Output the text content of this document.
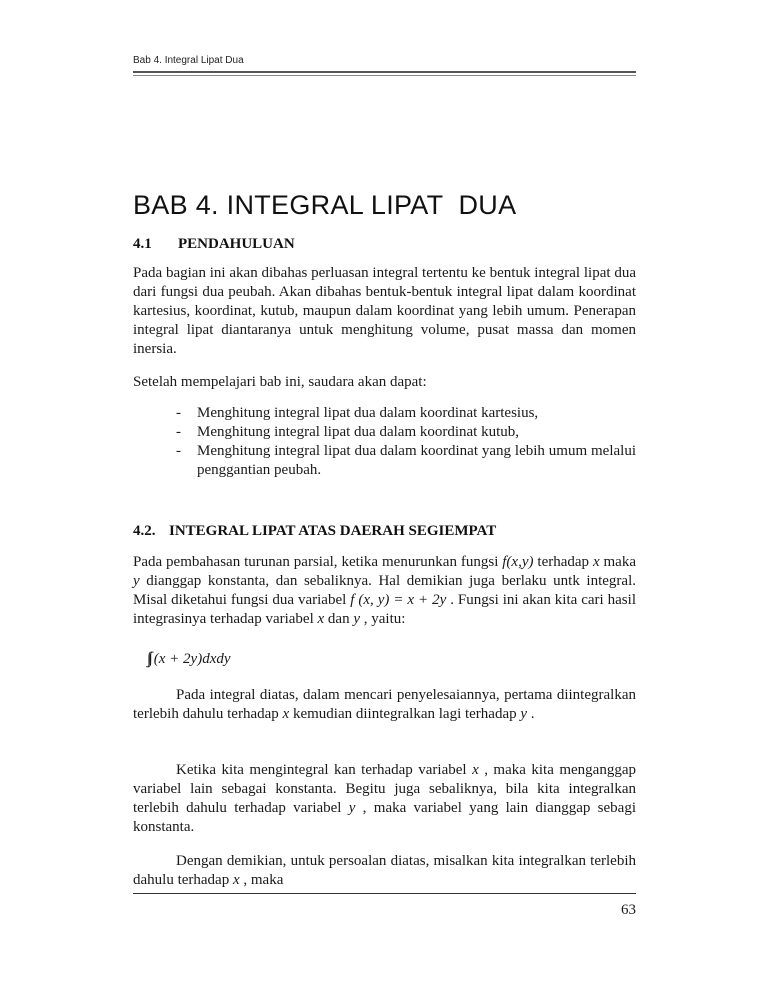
Bab 4. Integral Lipat Dua
BAB 4. INTEGRAL LIPAT  DUA
4.1 PENDAHULUAN

Pada bagian ini akan dibahas perluasan integral tertentu ke bentuk integral lipat dua dari fungsi dua peubah. Akan dibahas bentuk-bentuk integral lipat dalam koordinat kartesius, koordinat, kutub, maupun dalam koordinat yang lebih umum. Penerapan integral lipat diantaranya untuk menghitung volume, pusat massa dan momen inersia.

Setelah mempelajari bab ini, saudara akan dapat:

- Menghitung integral lipat dua dalam koordinat kartesius,
- Menghitung integral lipat dua dalam koordinat kutub,
- Menghitung integral lipat dua dalam koordinat yang lebih umum melalui penggantian peubah.
4.2. INTEGRAL LIPAT ATAS DAERAH SEGIEMPAT

Pada pembahasan turunan parsial, ketika menurunkan fungsi f(x,y) terhadap x maka y dianggap konstanta, dan sebaliknya. Hal demikian juga berlaku untk integral. Misal diketahui fungsi dua variabel f (x, y) = x + 2y . Fungsi ini akan kita cari hasil integrasinya terhadap variabel x dan y , yaitu:

∫∫ (x + 2y)dxdy

Pada integral diatas, dalam mencari penyelesaiannya, pertama diintegralkan terlebih dahulu terhadap x kemudian diintegralkan lagi terhadap y .

Ketika kita mengintegral kan terhadap variabel x , maka kita menganggap variabel lain sebagai konstanta. Begitu juga sebaliknya, bila kita integralkan terlebih dahulu terhadap variabel y , maka variabel yang lain dianggap sebagi konstanta.

Dengan demikian, untuk persoalan diatas, misalkan kita integralkan terlebih dahulu terhadap x , maka

63
